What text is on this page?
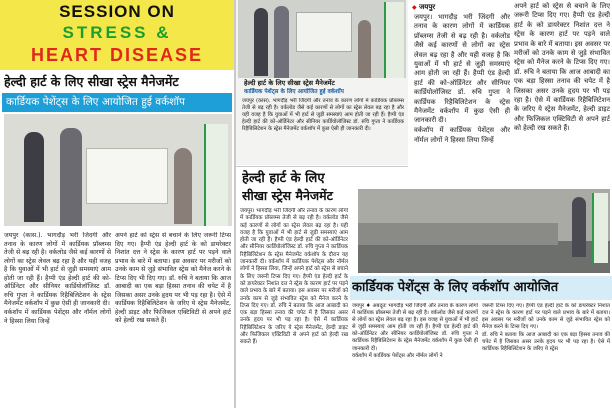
SESSION ON
STRESS &
HEART DISEASE
हेल्दी हार्ट के लिए सीखा स्ट्रेस मैनेजमेंट
कार्डियक पेशेंट्स के लिए आयोजित हुई वर्कशॉप

जयपुर (कास.). भागदौड़ भरी जिंदगी और तनाव के कारण लोगों में कार्डियक प्रॉब्लम्स तेजी से बढ़ रही है। वर्कलोड जैसे कई कारणों से लोगों का स्ट्रेस लेवल बढ़ रहा है और यही वजह है कि युवाओं में भी हार्ट से जुड़ी समस्याएं आम होती जा रही हैं। हैप्पी एंड हेल्दी हार्ट की को-ऑर्डिनेटर और सीनियर कार्डियोलॉजिस्ट डॉ. रुचि गुप्ता ने कार्डियक रिहैबिलिटेशन के स्ट्रेस मैनेजमेंट वर्कशॉप में कुछ ऐसी ही जानकारी दी।

वर्कशॉप में कार्डियक पेशेंट्स और नॉर्मल लोगों ने हिस्सा लिया जिन्हें

अपने हार्ट को स्ट्रेस से बचाने के लिए जरूरी टिप्स दिए गए। हैप्पी एंड हेल्दी हार्ट के को डायरेक्टर निशांत दत्त ने स्ट्रेस के कारण हार्ट पर पड़ने वाले प्रभाव के बारे में बताया। इस अवसर पर मरीजों को उनके काम से जुड़े संभावित स्ट्रेस को मैनेज करने के टिप्स दिए भी दिए गए। डॉ. रुचि ने बताया कि आज आबादी का एक बड़ा हिस्सा तनाव की चपेट में है जिसका असर उनके हृदय पर भी पड़ रहा है। ऐसे में कार्डियक रिहैबिलिटेशन के जरिए ये स्ट्रेस मैनेजमेंट, हेल्दी डाइट और फिजिकल एक्टिविटी से अपने हार्ट को हेल्दी रख सकते हैं।

हेल्दी हार्ट के लिए सीखा स्ट्रेस मैनेजमेंट
कार्डियक पेशेंट्स के लिए आयोजित हुई वर्कशॉप
जयपुर (कास). भागदौड़ भरी जिंदगी और तनाव के कारण लोगों में कार्डियक प्रॉब्लम्स तेजी से बढ़ रही है। वर्कलोड जैसे कई कारणों से लोगों का स्ट्रेस लेवल बढ़ रहा है और यही वजह है कि युवाओं में भी हार्ट से जुड़ी समस्याएं आम होती जा रही हैं। हैप्पी एंड हेल्दी हार्ट की को-ऑर्डिनेटर और सीनियर कार्डियोलॉजिस्ट डॉ. रुचि गुप्ता ने कार्डियक रिहैबिलिटेशन के स्ट्रेस मैनेजमेंट वर्कशॉप में कुछ ऐसी ही जानकारी दी।
◆ जयपुर

जयपुर। भागदौड़ भरी जिंदगी और तनाव के कारण लोगों में कार्डियक प्रॉब्लम्स तेजी से बढ़ रही है। वर्कलोड जैसे कई कारणों से लोगों का स्ट्रेस लेवल बढ़ रहा है और यही वजह है कि युवाओं में भी हार्ट से जुड़ी समस्याएं आम होती जा रही हैं। हैप्पी एंड हेल्दी हार्ट की को-ऑर्डिनेटर और सीनियर कार्डियोलॉजिस्ट डॉ. रुचि गुप्ता ने कार्डियक रिहैबिलिटेशन के स्ट्रेस मैनेजमेंट वर्कशॉप में कुछ ऐसी ही जानकारी दी।

वर्कशॉप में कार्डियक पेशेंट्स और नॉर्मल लोगों ने हिस्सा लिया जिन्हें

अपने हार्ट को स्ट्रेस से बचाने के लिए जरूरी टिप्स दिए गए। हैप्पी एंड हेल्दी हार्ट के को डायरेक्टर निशांत दत्त ने स्ट्रेस के कारण हार्ट पर पड़ने वाले प्रभाव के बारे में बताया। इस अवसर पर मरीजों को उनके काम से जुड़े संभावित स्ट्रेस को मैनेज करने के टिप्स दिए गए। डॉ. रुचि ने बताया कि आज आबादी का एक बड़ा हिस्सा तनाव की चपेट में है जिसका असर उनके हृदय पर भी पड़ रहा है। ऐसे में कार्डियक रिहैबिलिटेशन के जरिए ये स्ट्रेस मैनेजमेंट, हेल्दी डाइट और फिजिकल एक्टिविटी से अपने हार्ट को हेल्दी रख सकते हैं।
हेल्दी हार्ट के लिए
सीखा स्ट्रेस मैनेजमेंट
जयपुर। भागदौड़ भरी जिंदगी और तनाव के कारण लोगों में कार्डियक प्रॉब्लम्स तेजी से बढ़ रही है। वर्कलोड जैसे कई कारणों से लोगों का स्ट्रेस लेवल बढ़ रहा है। यही वजह है कि युवाओं में भी हार्ट से जुड़ी समस्याएं आम होती जा रही हैं। हैप्पी एंड हेल्दी हार्ट की को-ऑर्डिनेटर और सीनियर कार्डियोलॉजिस्ट डॉ. रुचि गुप्ता ने कार्डियक रिहैबिलिटेशन के स्ट्रेस मैनेजमेंट वर्कशॉप के दौरान यह जानकारी दी। वर्कशॉप में कार्डियक पेशेंट्स और नॉर्मल लोगों ने हिस्सा लिया, जिन्हें अपने हार्ट को स्ट्रेस से बचाने के लिए जरूरी टिप्स दिए गए। हैप्पी एंड हेल्दी हार्ट के को डायरेक्टर निशांत दत्त ने स्ट्रेस के कारण हार्ट पर पड़ने वाले प्रभाव के बारे में बताया। इस अवसर पर मरीजों को उनके काम से जुड़े संभावित स्ट्रेस को मैनेज करने के टिप्स दिए गए। डॉ. रुचि ने बताया कि आज आबादी का एक बड़ा हिस्सा तनाव की चपेट में है जिसका असर उनके हृदय पर भी पड़ रहा है। ऐसे में कार्डियक रिहैबिलिटेशन के जरिए ये स्ट्रेस मैनेजमेंट, हेल्दी डाइट और फिजिकल एक्टिविटी से अपने हार्ट को हेल्दी रख सकते हैं।
कार्डियक पेशेंट्स के लिए वर्कशॉप आयोजित

जयपुर ♦ अबदूतः भागदौड़ भरी जिंदगी और तनाव के कारण लोगों में कार्डियक प्रॉब्लम्स तेजी से बढ़ रही है। वर्कलोड जैसे कई कारणों से लोगों का स्ट्रेस लेवल बढ़ रहा है। इस वजह से युवाओं में भी हार्ट से जुड़ी समस्याएं आम होती जा रही हैं। हैप्पी एंड हेल्दी हार्ट की को-ऑर्डिनेटर और सीनियर कार्डियोलॉजिस्ट डॉ. रुचि गुप्ता ने कार्डियक रिहैबिलिटेशन के स्ट्रेस मैनेजमेंट वर्कशॉप में कुछ ऐसी ही जानकारी दी।

वर्कशॉप में कार्डियक पेशेंट्स और नॉर्मल लोगों ने

जरूरी टिप्स दिए गए। हैप्पी एंड हेल्दी हार्ट के को डायरेक्टर निशांत दत्त ने स्ट्रेस के कारण हार्ट पर पड़ने वाले प्रभाव के बारे में बताया। इस अवसर पर मरीजों को उनके काम से जुड़े संभावित स्ट्रेस को मैनेज करने के टिप्स दिए गए।

डॉ. रुचि ने बताया कि आज आबादी का एक बड़ा हिस्सा तनाव की चपेट में है जिसका असर उनके हृदय पर भी पड़ रहा है। ऐसे में कार्डियक रिहैबिलिटेशन के जरिए ये स्ट्रेस
